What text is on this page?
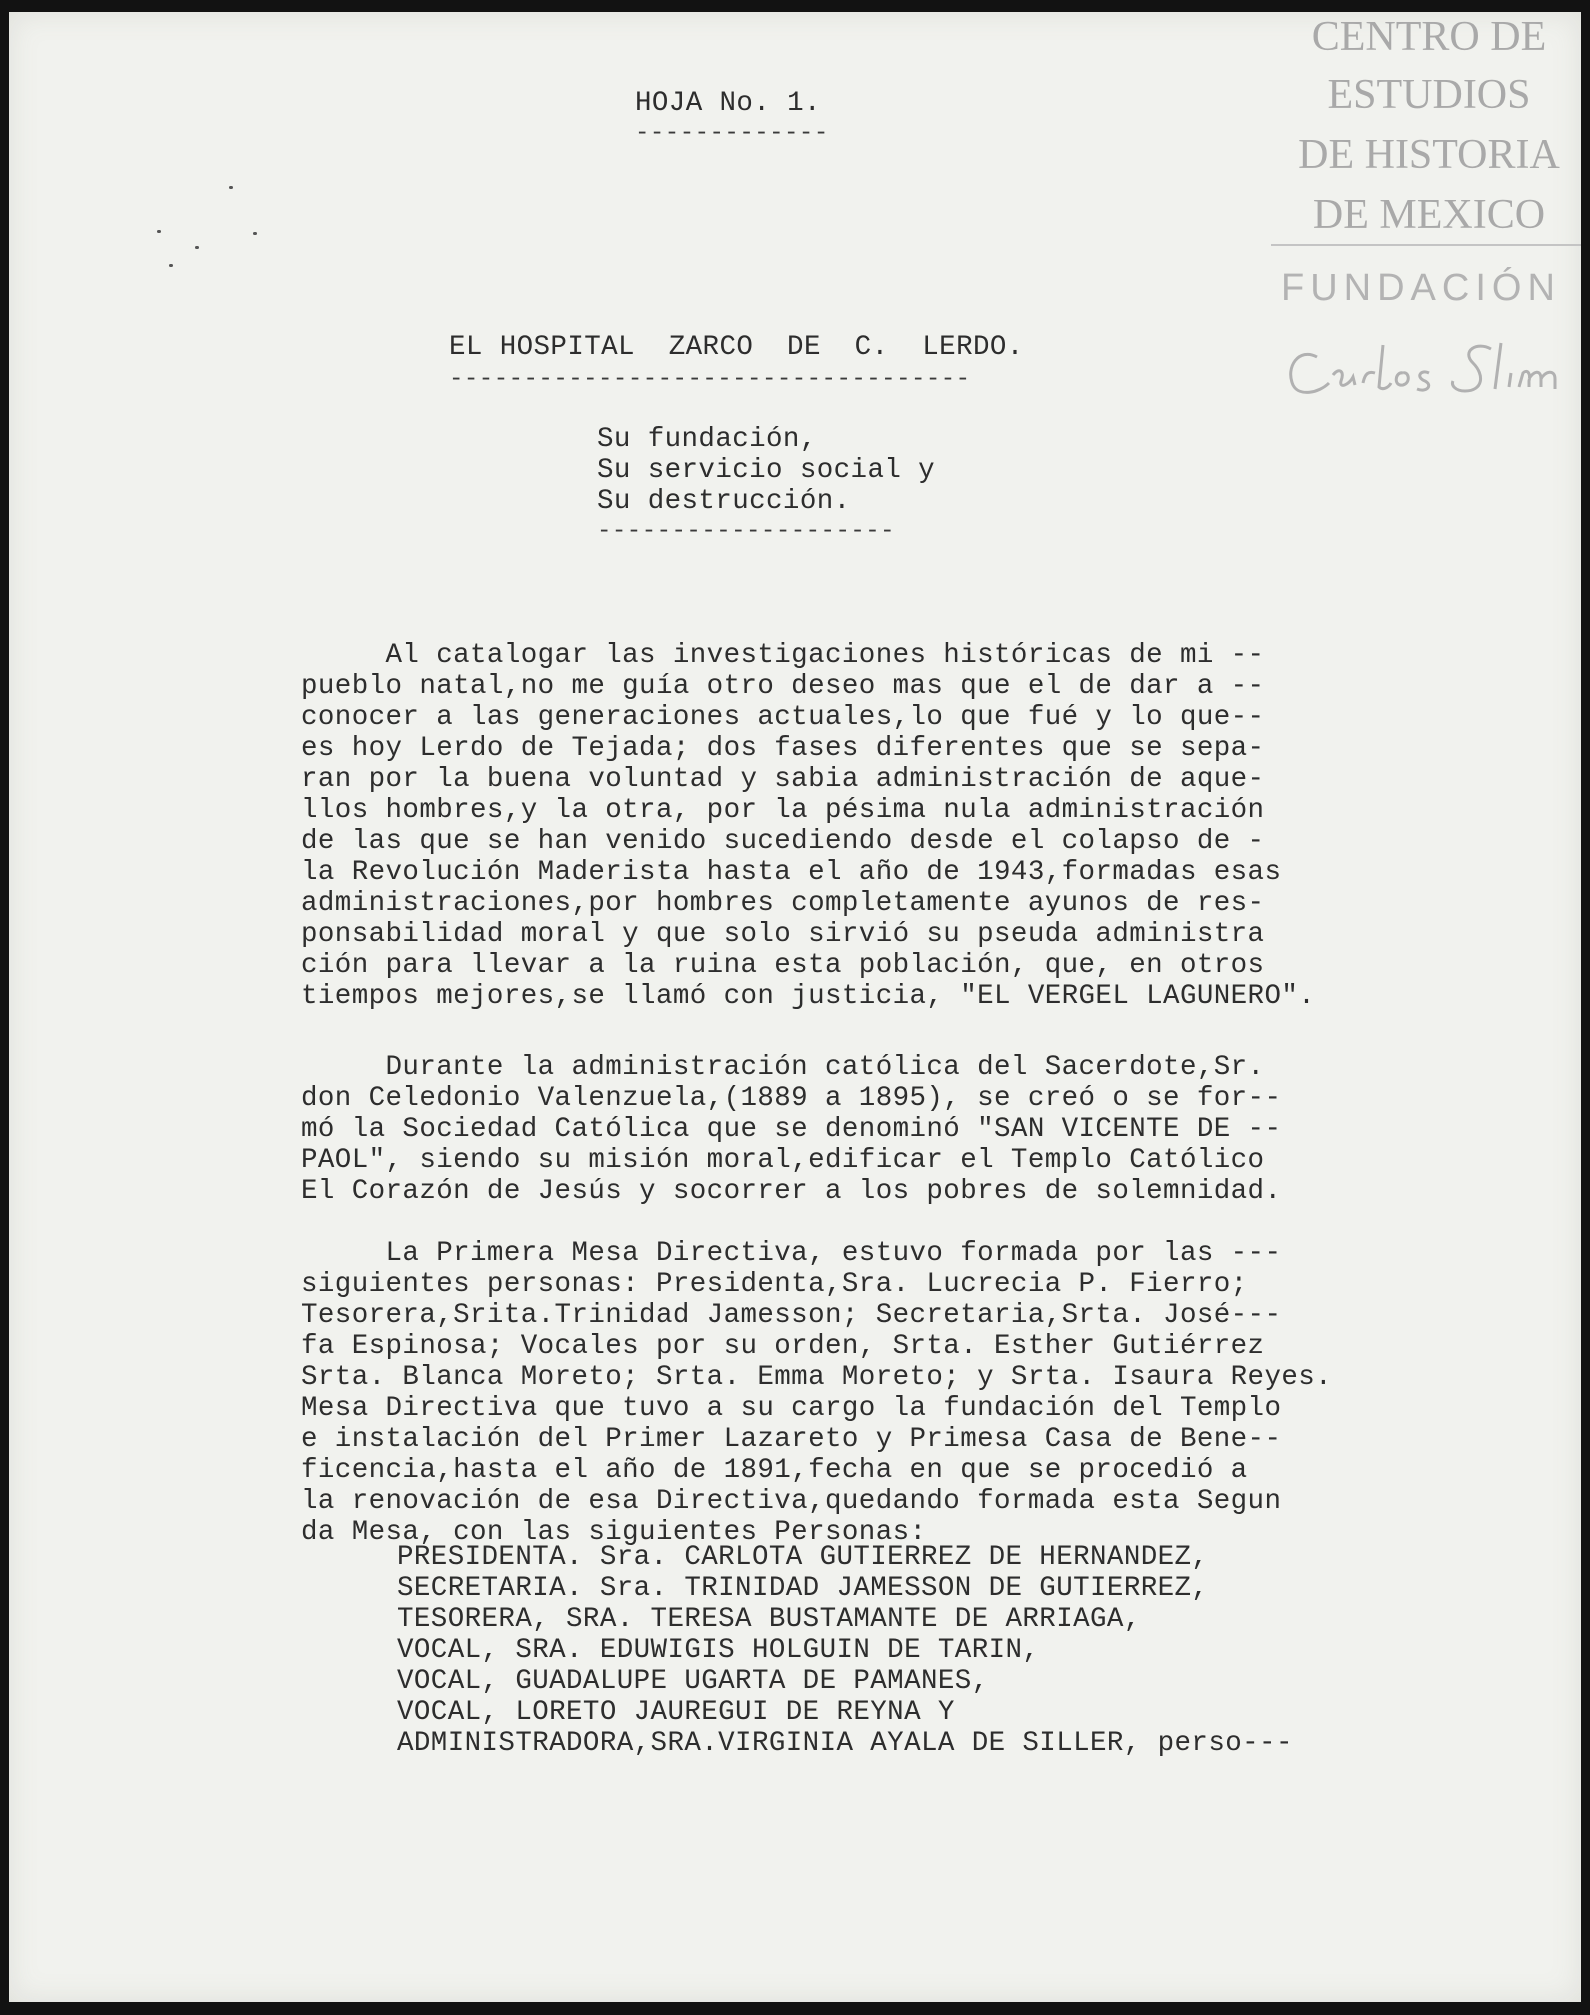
CENTRO DE
ESTUDIOS
DE HISTORIA
DE MEXICO
FUNDACIÓN
HOJA No. 1.
-------------
EL HOSPITAL  ZARCO  DE  C.  LERDO.
-----------------------------------
Su fundación,
Su servicio social y
Su destrucción.
--------------------
Al catalogar las investigaciones históricas de mi --
pueblo natal,no me guía otro deseo mas que el de dar a --
conocer a las generaciones actuales,lo que fué y lo que--
es hoy Lerdo de Tejada; dos fases diferentes que se sepa-
ran por la buena voluntad y sabia administración de aque-
llos hombres,y la otra, por la pésima nula administración
de las que se han venido sucediendo desde el colapso de -
la Revolución Maderista hasta el año de 1943,formadas esas
administraciones,por hombres completamente ayunos de res-
ponsabilidad moral y que solo sirvió su pseuda administra
ción para llevar a la ruina esta población, que, en otros
tiempos mejores,se llamó con justicia, "EL VERGEL LAGUNERO".
Durante la administración católica del Sacerdote,Sr.
don Celedonio Valenzuela,(1889 a 1895), se creó o se for--
mó la Sociedad Católica que se denominó "SAN VICENTE DE --
PAOL", siendo su misión moral,edificar el Templo Católico
El Corazón de Jesús y socorrer a los pobres de solemnidad.
La Primera Mesa Directiva, estuvo formada por las ---
siguientes personas: Presidenta,Sra. Lucrecia P. Fierro;
Tesorera,Srita.Trinidad Jamesson; Secretaria,Srta. José---
fa Espinosa; Vocales por su orden, Srta. Esther Gutiérrez
Srta. Blanca Moreto; Srta. Emma Moreto; y Srta. Isaura Reyes.
Mesa Directiva que tuvo a su cargo la fundación del Templo
e instalación del Primer Lazareto y Primesa Casa de Bene--
ficencia,hasta el año de 1891,fecha en que se procedió a
la renovación de esa Directiva,quedando formada esta Segun
da Mesa, con las siguientes Personas:
PRESIDENTA. Sra. CARLOTA GUTIERREZ DE HERNANDEZ,
SECRETARIA. Sra. TRINIDAD JAMESSON DE GUTIERREZ,
TESORERA, SRA. TERESA BUSTAMANTE DE ARRIAGA,
VOCAL, SRA. EDUWIGIS HOLGUIN DE TARIN,
VOCAL, GUADALUPE UGARTA DE PAMANES,
VOCAL, LORETO JAUREGUI DE REYNA Y
ADMINISTRADORA,SRA.VIRGINIA AYALA DE SILLER, perso---
